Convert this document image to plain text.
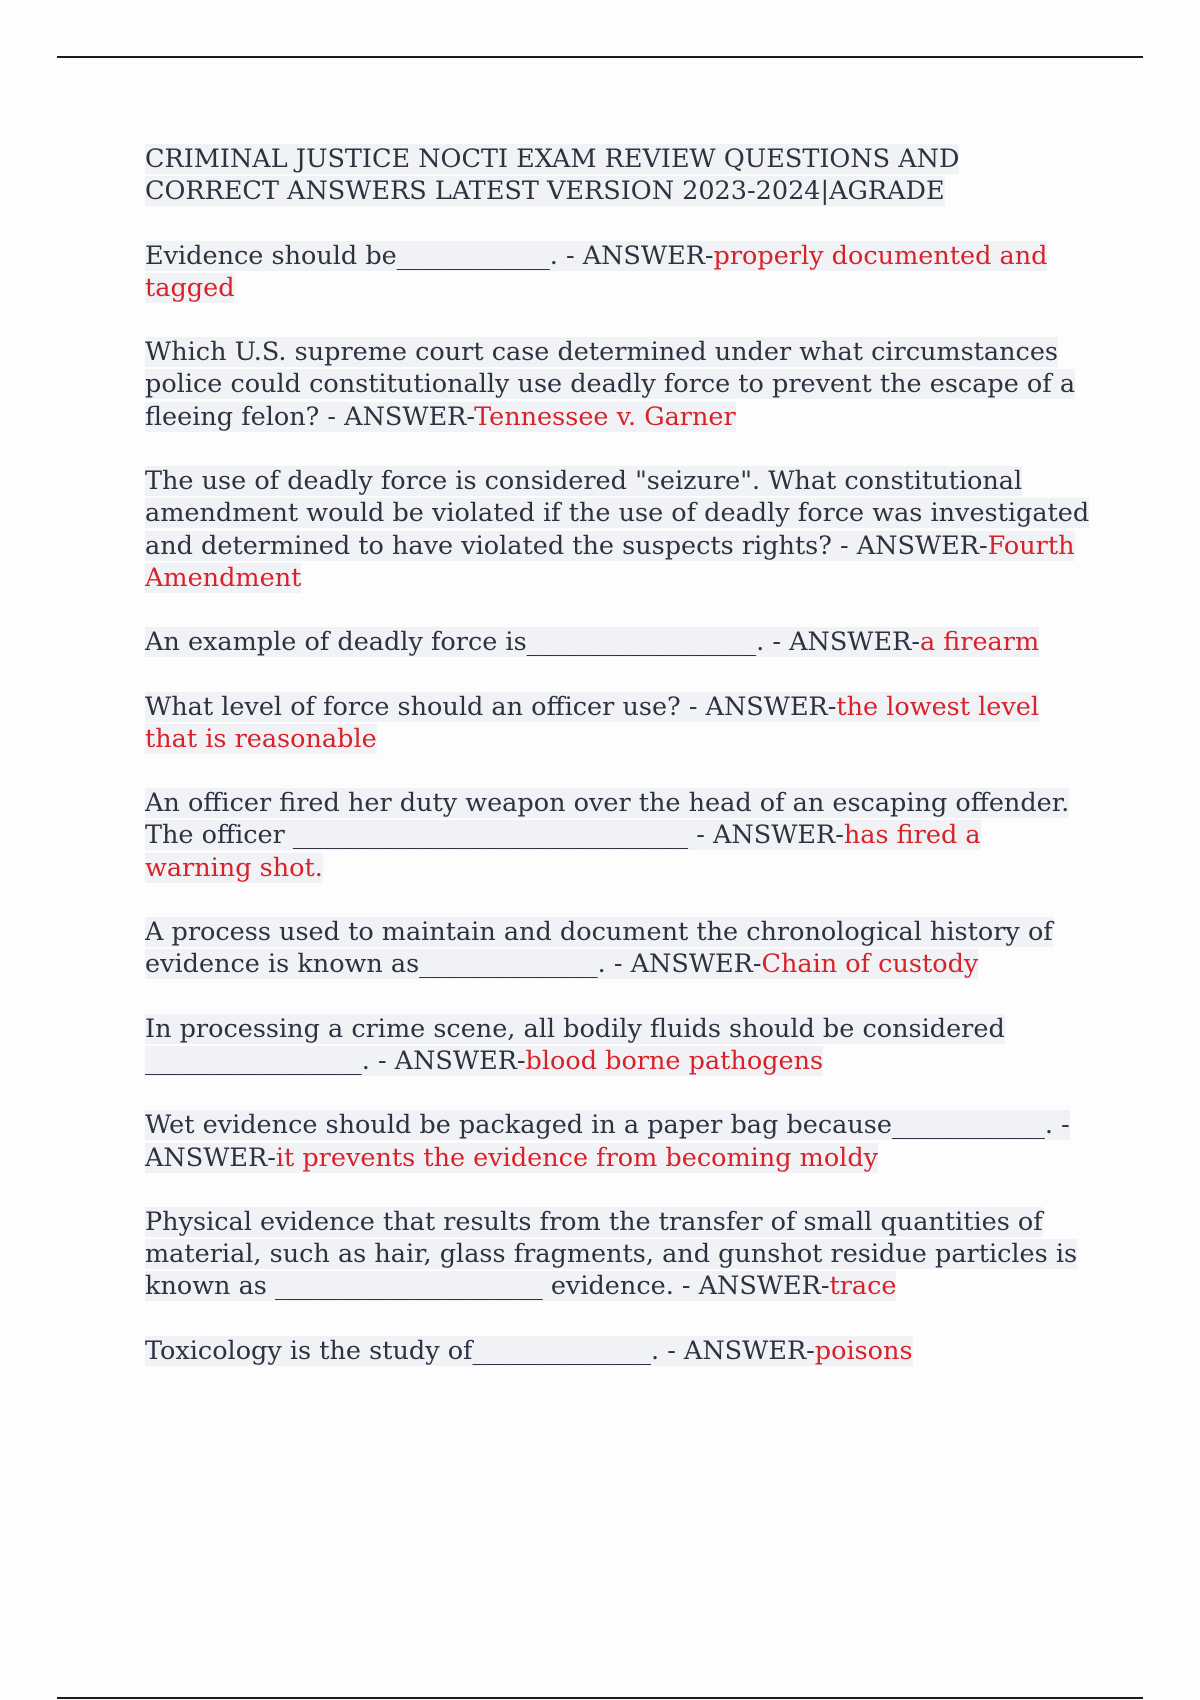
CRIMINAL JUSTICE NOCTI EXAM REVIEW QUESTIONS AND CORRECT ANSWERS LATEST VERSION 2023-2024|AGRADE

Evidence should be____________. - ANSWER-properly documented and tagged

Which U.S. supreme court case determined under what circumstances police could constitutionally use deadly force to prevent the escape of a fleeing felon? - ANSWER-Tennessee v. Garner

The use of deadly force is considered "seizure". What constitutional amendment would be violated if the use of deadly force was investigated and determined to have violated the suspects rights? - ANSWER-Fourth Amendment

An example of deadly force is__________________. - ANSWER-a firearm

What level of force should an officer use? - ANSWER-the lowest level that is reasonable

An officer fired her duty weapon over the head of an escaping offender. The officer _______________________________ - ANSWER-has fired a warning shot.

A process used to maintain and document the chronological history of evidence is known as______________. - ANSWER-Chain of custody

In processing a crime scene, all bodily fluids should be considered _________________. - ANSWER-blood borne pathogens

Wet evidence should be packaged in a paper bag because____________. - ANSWER-it prevents the evidence from becoming moldy

Physical evidence that results from the transfer of small quantities of material, such as hair, glass fragments, and gunshot residue particles is known as _____________________ evidence. - ANSWER-trace

Toxicology is the study of______________. - ANSWER-poisons
